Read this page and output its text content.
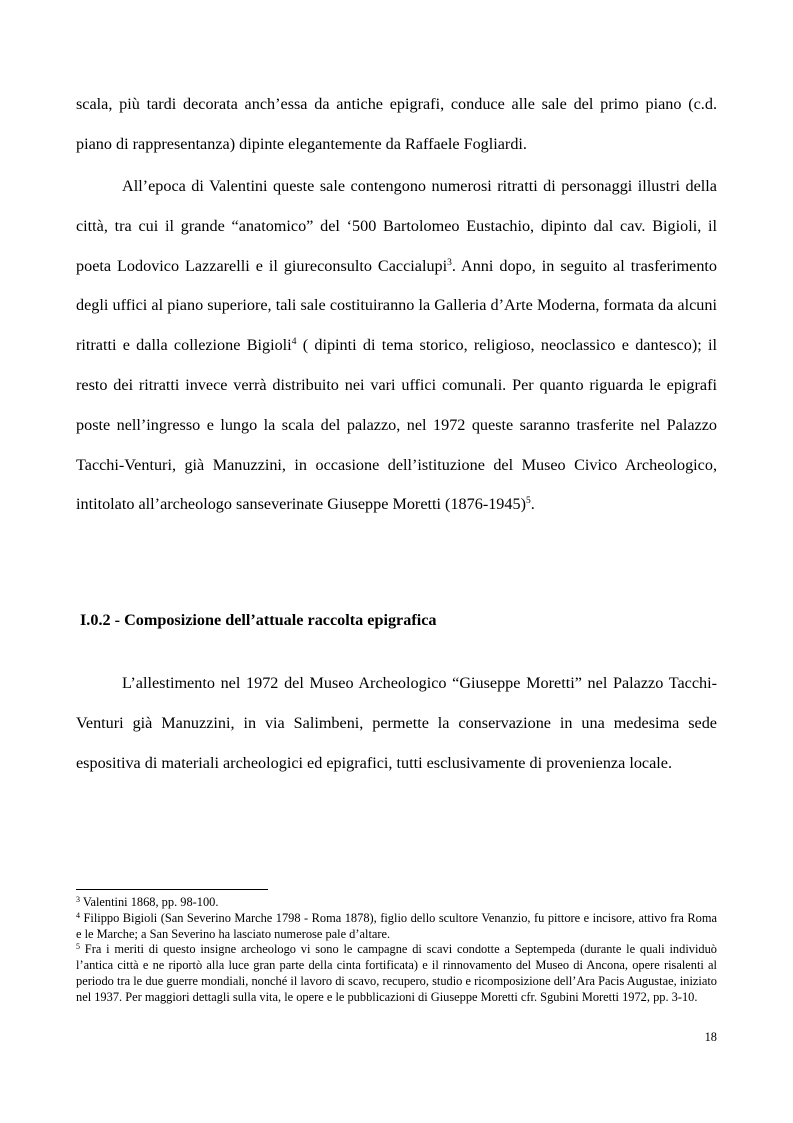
scala, più tardi decorata anch’essa da antiche epigrafi, conduce alle sale del primo piano (c.d. piano di rappresentanza) dipinte elegantemente da Raffaele Fogliardi.

All’epoca di Valentini queste sale contengono numerosi ritratti di personaggi illustri della città, tra cui il grande “anatomico” del ‘500 Bartolomeo Eustachio, dipinto dal cav. Bigioli, il poeta Lodovico Lazzarelli e il giureconsulto Caccialupi$^3$. Anni dopo, in seguito al trasferimento degli uffici al piano superiore, tali sale costituiranno la Galleria d’Arte Moderna, formata da alcuni ritratti e dalla collezione Bigioli$^4$ ( dipinti di tema storico, religioso, neoclassico e dantesco); il resto dei ritratti invece verrà distribuito nei vari uffici comunali. Per quanto riguarda le epigrafi poste nell’ingresso e lungo la scala del palazzo, nel 1972 queste saranno trasferite nel Palazzo Tacchi-Venturi, già Manuzzini, in occasione dell’istituzione del Museo Civico Archeologico, intitolato all’archeologo sanseverinate Giuseppe Moretti (1876-1945)$^5$.

I.0.2 - Composizione dell’attuale raccolta epigrafica

L’allestimento nel 1972 del Museo Archeologico “Giuseppe Moretti” nel Palazzo Tacchi-Venturi già Manuzzini, in via Salimbeni, permette la conservazione in una medesima sede espositiva di materiali archeologici ed epigrafici, tutti esclusivamente di provenienza locale.

$^3$ Valentini 1868, pp. 98-100.

$^4$ Filippo Bigioli (San Severino Marche 1798 - Roma 1878), figlio dello scultore Venanzio, fu pittore e incisore, attivo fra Roma e le Marche; a San Severino ha lasciato numerose pale d’altare.

$^5$ Fra i meriti di questo insigne archeologo vi sono le campagne di scavi condotte a Septempeda (durante le quali individuò l’antica città e ne riportò alla luce gran parte della cinta fortificata) e il rinnovamento del Museo di Ancona, opere risalenti al periodo tra le due guerre mondiali, nonché il lavoro di scavo, recupero, studio e ricomposizione dell’Ara Pacis Augustae, iniziato nel 1937. Per maggiori dettagli sulla vita, le opere e le pubblicazioni di Giuseppe Moretti cfr. Sgubini Moretti 1972, pp. 3-10.

18
